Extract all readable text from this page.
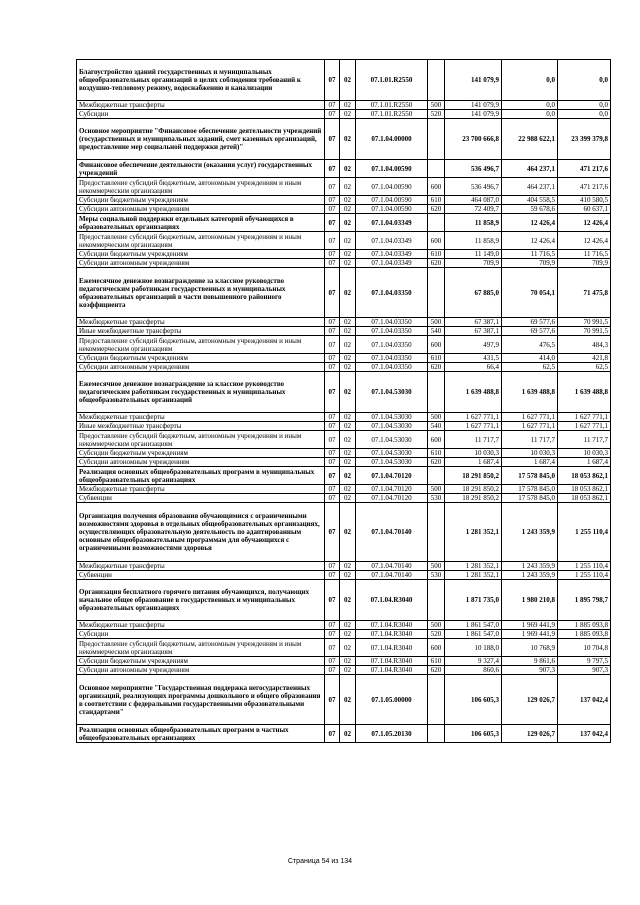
Благоустройство зданий государственных и муниципальных общеобразовательных организаций в целях соблюдения требований к воздушно-тепловому режиму, водоснабжению и канализации	07	02	07.1.01.R2550		141 079,9	0,0	0,0
Межбюджетные трансферты	07	02	07.1.01.R2550	500	141 079,9	0,0	0,0
Субсидии	07	02	07.1.01.R2550	520	141 079,9	0,0	0,0
Основное мероприятие "Финансовое обеспечение деятельности учреждений (государственных и муниципальных заданий, смет казенных организаций, предоставление мер социальной поддержки детей)"	07	02	07.1.04.00000		23 700 666,8	22 988 622,1	23 399 379,8
Финансовое обеспечение деятельности (оказания услуг) государственных учреждений	07	02	07.1.04.00590		536 496,7	464 237,1	471 217,6
Предоставление субсидий бюджетным, автономным учреждениям и иным некоммерческим организациям	07	02	07.1.04.00590	600	536 496,7	464 237,1	471 217,6
Субсидии бюджетным учреждениям	07	02	07.1.04.00590	610	464 087,0	404 558,5	410 580,5
Субсидии автономным учреждениям	07	02	07.1.04.00590	620	72 409,7	59 678,6	60 637,1
Меры социальной поддержки отдельных категорий обучающихся в образовательных организациях	07	02	07.1.04.03349		11 858,9	12 426,4	12 426,4
Предоставление субсидий бюджетным, автономным учреждениям и иным некоммерческим организациям	07	02	07.1.04.03349	600	11 858,9	12 426,4	12 426,4
Субсидии бюджетным учреждениям	07	02	07.1.04.03349	610	11 149,0	11 716,5	11 716,5
Субсидии автономным учреждениям	07	02	07.1.04.03349	620	709,9	709,9	709,9
Ежемесячное денежное вознаграждение за классное руководство педагогическим работникам государственных и муниципальных образовательных организаций в части повышенного районного коэффициента	07	02	07.1.04.03350		67 885,0	70 054,1	71 475,8
Межбюджетные трансферты	07	02	07.1.04.03350	500	67 387,1	69 577,6	70 991,5
Иные межбюджетные трансферты	07	02	07.1.04.03350	540	67 387,1	69 577,6	70 991,5
Предоставление субсидий бюджетным, автономным учреждениям и иным некоммерческим организациям	07	02	07.1.04.03350	600	497,9	476,5	484,3
Субсидии бюджетным учреждениям	07	02	07.1.04.03350	610	431,5	414,0	421,8
Субсидии автономным учреждениям	07	02	07.1.04.03350	620	66,4	62,5	62,5
Ежемесячное денежное вознаграждение за классное руководство педагогическим работникам государственных и муниципальных общеобразовательных организаций	07	02	07.1.04.53030		1 639 488,8	1 639 488,8	1 639 488,8
Межбюджетные трансферты	07	02	07.1.04.53030	500	1 627 771,1	1 627 771,1	1 627 771,1
Иные межбюджетные трансферты	07	02	07.1.04.53030	540	1 627 771,1	1 627 771,1	1 627 771,1
Предоставление субсидий бюджетным, автономным учреждениям и иным некоммерческим организациям	07	02	07.1.04.53030	600	11 717,7	11 717,7	11 717,7
Субсидии бюджетным учреждениям	07	02	07.1.04.53030	610	10 030,3	10 030,3	10 030,3
Субсидии автономным учреждениям	07	02	07.1.04.53030	620	1 687,4	1 687,4	1 687,4
Реализация основных общеобразовательных программ в муниципальных общеобразовательных организациях	07	02	07.1.04.70120		18 291 850,2	17 578 845,0	18 053 862,1
Межбюджетные трансферты	07	02	07.1.04.70120	500	18 291 850,2	17 578 845,0	18 053 862,1
Субвенции	07	02	07.1.04.70120	530	18 291 850,2	17 578 845,0	18 053 862,1
Организация получения образования обучающимися с ограниченными возможностями здоровья в отдельных общеобразовательных организациях, осуществляющих образовательную деятельность по адаптированным основным общеобразовательным программам для обучающихся с ограниченными возможностями здоровья	07	02	07.1.04.70140		1 281 352,1	1 243 359,9	1 255 110,4
Межбюджетные трансферты	07	02	07.1.04.70140	500	1 281 352,1	1 243 359,9	1 255 110,4
Субвенции	07	02	07.1.04.70140	530	1 281 352,1	1 243 359,9	1 255 110,4
Организация бесплатного горячего питания обучающихся, получающих начальное общее образование в государственных и муниципальных образовательных организациях	07	02	07.1.04.R3040		1 871 735,0	1 980 210,8	1 895 798,7
Межбюджетные трансферты	07	02	07.1.04.R3040	500	1 861 547,0	1 969 441,9	1 885 093,8
Субсидии	07	02	07.1.04.R3040	520	1 861 547,0	1 969 441,9	1 885 093,8
Предоставление субсидий бюджетным, автономным учреждениям и иным некоммерческим организациям	07	02	07.1.04.R3040	600	10 188,0	10 768,9	10 704,8
Субсидии бюджетным учреждениям	07	02	07.1.04.R3040	610	9 327,4	9 861,6	9 797,5
Субсидии автономным учреждениям	07	02	07.1.04.R3040	620	860,6	907,3	907,3
Основное мероприятие "Государственная поддержка негосударственных организаций, реализующих программы дошкольного и общего образования в соответствии с федеральными государственными образовательными стандартами"	07	02	07.1.05.00000		106 605,3	129 026,7	137 042,4
Реализация основных общеобразовательных программ в частных общеобразовательных организациях	07	02	07.1.05.20130		106 605,3	129 026,7	137 042,4
Страница 54 из 134
